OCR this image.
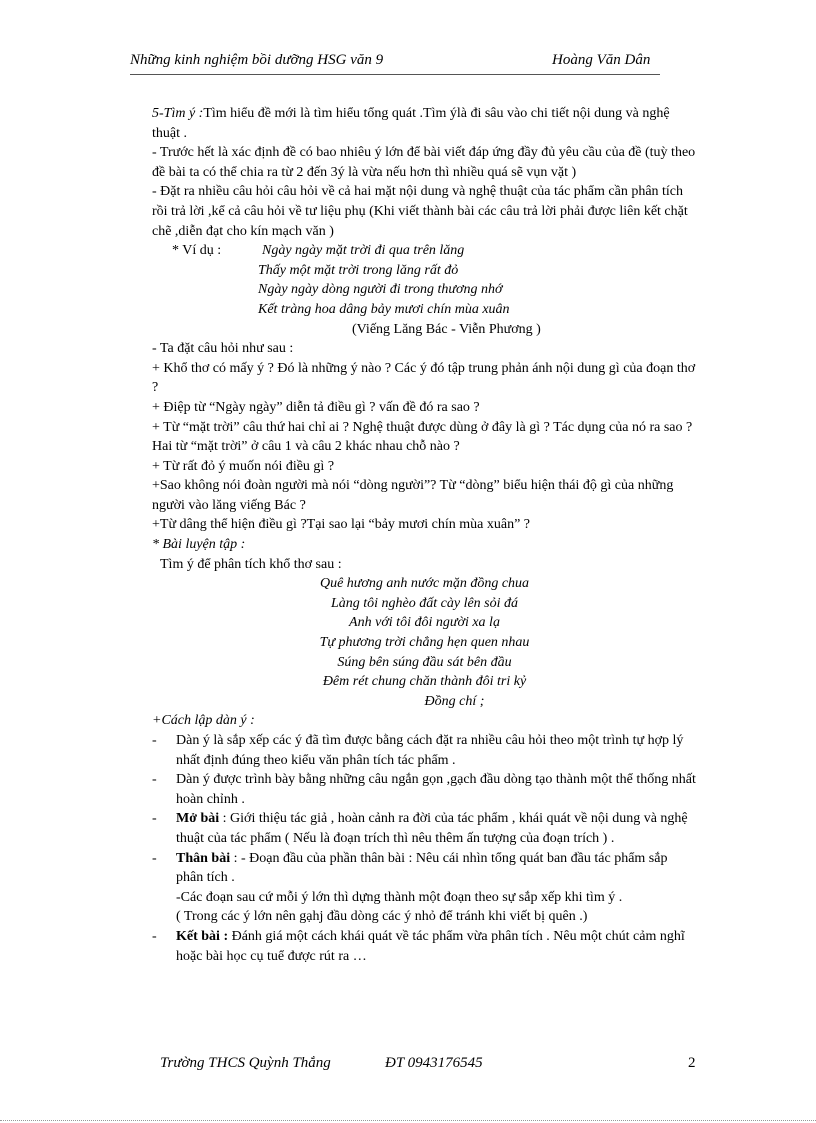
Những kinh nghiệm bồi dưỡng HSG văn 9	Hoàng Văn Dân

5-Tìm ý :Tìm hiểu đề mới là tìm hiểu tổng quát .Tìm ýlà đi sâu vào chi tiết nội dung và nghệ thuật .

- Trước hết là xác định đề có bao nhiêu ý lớn để bài viết đáp ứng đầy đủ yêu cầu của đề (tuỳ theo đề bài ta có thể chia ra từ 2 đến 3ý là vừa nếu hơn thì nhiều quá sẽ vụn vặt )

- Đặt ra nhiều câu hỏi câu hỏi về cả hai mặt nội dung và nghệ thuật của tác phẩm cần phân tích rồi trả lời ,kể cả câu hỏi về tư liệu phụ (Khi viết thành bài các câu trả lời phải được liên kết chặt chẽ ,diễn đạt cho kín mạch văn )

* Ví dụ :	Ngày ngày mặt trời đi qua trên lăng
Thấy một mặt trời trong lăng rất đỏ
Ngày ngày dòng người đi trong thương nhớ
Kết tràng hoa dâng bảy mươi chín mùa xuân
(Viếng Lăng Bác - Viễn Phương )

- Ta đặt câu hỏi như sau :

+ Khổ thơ có mấy ý ? Đó là những ý nào ? Các ý đó tập trung phản ánh nội dung gì của đoạn thơ ?

+ Điệp từ “Ngày ngày” diễn tả điều gì ? vấn đề đó ra sao ?

+ Từ “mặt trời” câu thứ hai chỉ ai ? Nghệ thuật được dùng ở đây là gì ? Tác dụng của nó ra sao ? Hai từ “mặt trời” ở câu 1 và câu 2 khác nhau chỗ nào ?

+ Từ rất đỏ ý muốn nói điều gì ?

+Sao không nói đoàn người mà nói “dòng người”? Từ “dòng” biểu hiện thái độ gì của những người vào lăng viếng Bác ?

+Từ dâng thể hiện điều gì ?Tại sao lại “bảy mươi chín mùa xuân” ?

* Bài luyện tập :

Tìm ý để phân tích khổ thơ sau :

Quê hương anh nước mặn đồng chua
Làng tôi nghèo đất cày lên sỏi đá
Anh với tôi đôi người xa lạ
Tự phương trời chẳng hẹn quen nhau
Súng bên súng đầu sát bên đầu
Đêm rét chung chăn thành đôi tri kỷ
Đồng chí ;

+Cách lập dàn ý :

- Dàn ý là sắp xếp các ý đã tìm được bằng cách đặt ra nhiều câu hỏi theo một trình tự hợp lý nhất định đúng theo kiểu văn phân tích tác phẩm .
- Dàn ý được trình bày bằng những câu ngắn gọn ,gạch đầu dòng tạo thành một thể thống nhất hoàn chỉnh .
- Mở bài : Giới thiệu tác giả , hoàn cảnh ra đời của tác phẩm , khái quát về nội dung và nghệ thuật của tác phẩm ( Nếu là đoạn trích thì nêu thêm ấn tượng của đoạn trích ) .
- Thân bài : - Đoạn đầu của phần thân bài : Nêu cái nhìn tổng quát ban đầu tác phẩm sắp phân tích .
-Các đoạn sau cứ mỗi ý lớn thì dựng thành một đoạn theo sự sắp xếp khi tìm ý .
( Trong các ý lớn nên gạhj đầu dòng các ý nhỏ để tránh khi viết bị quên .)
- Kết bài : Đánh giá một cách khái quát về tác phẩm vừa phân tích . Nêu một chút cảm nghĩ hoặc bài học cụ tuể được rút ra …
Trường THCS Quỳnh Thắng	ĐT 0943176545	2
